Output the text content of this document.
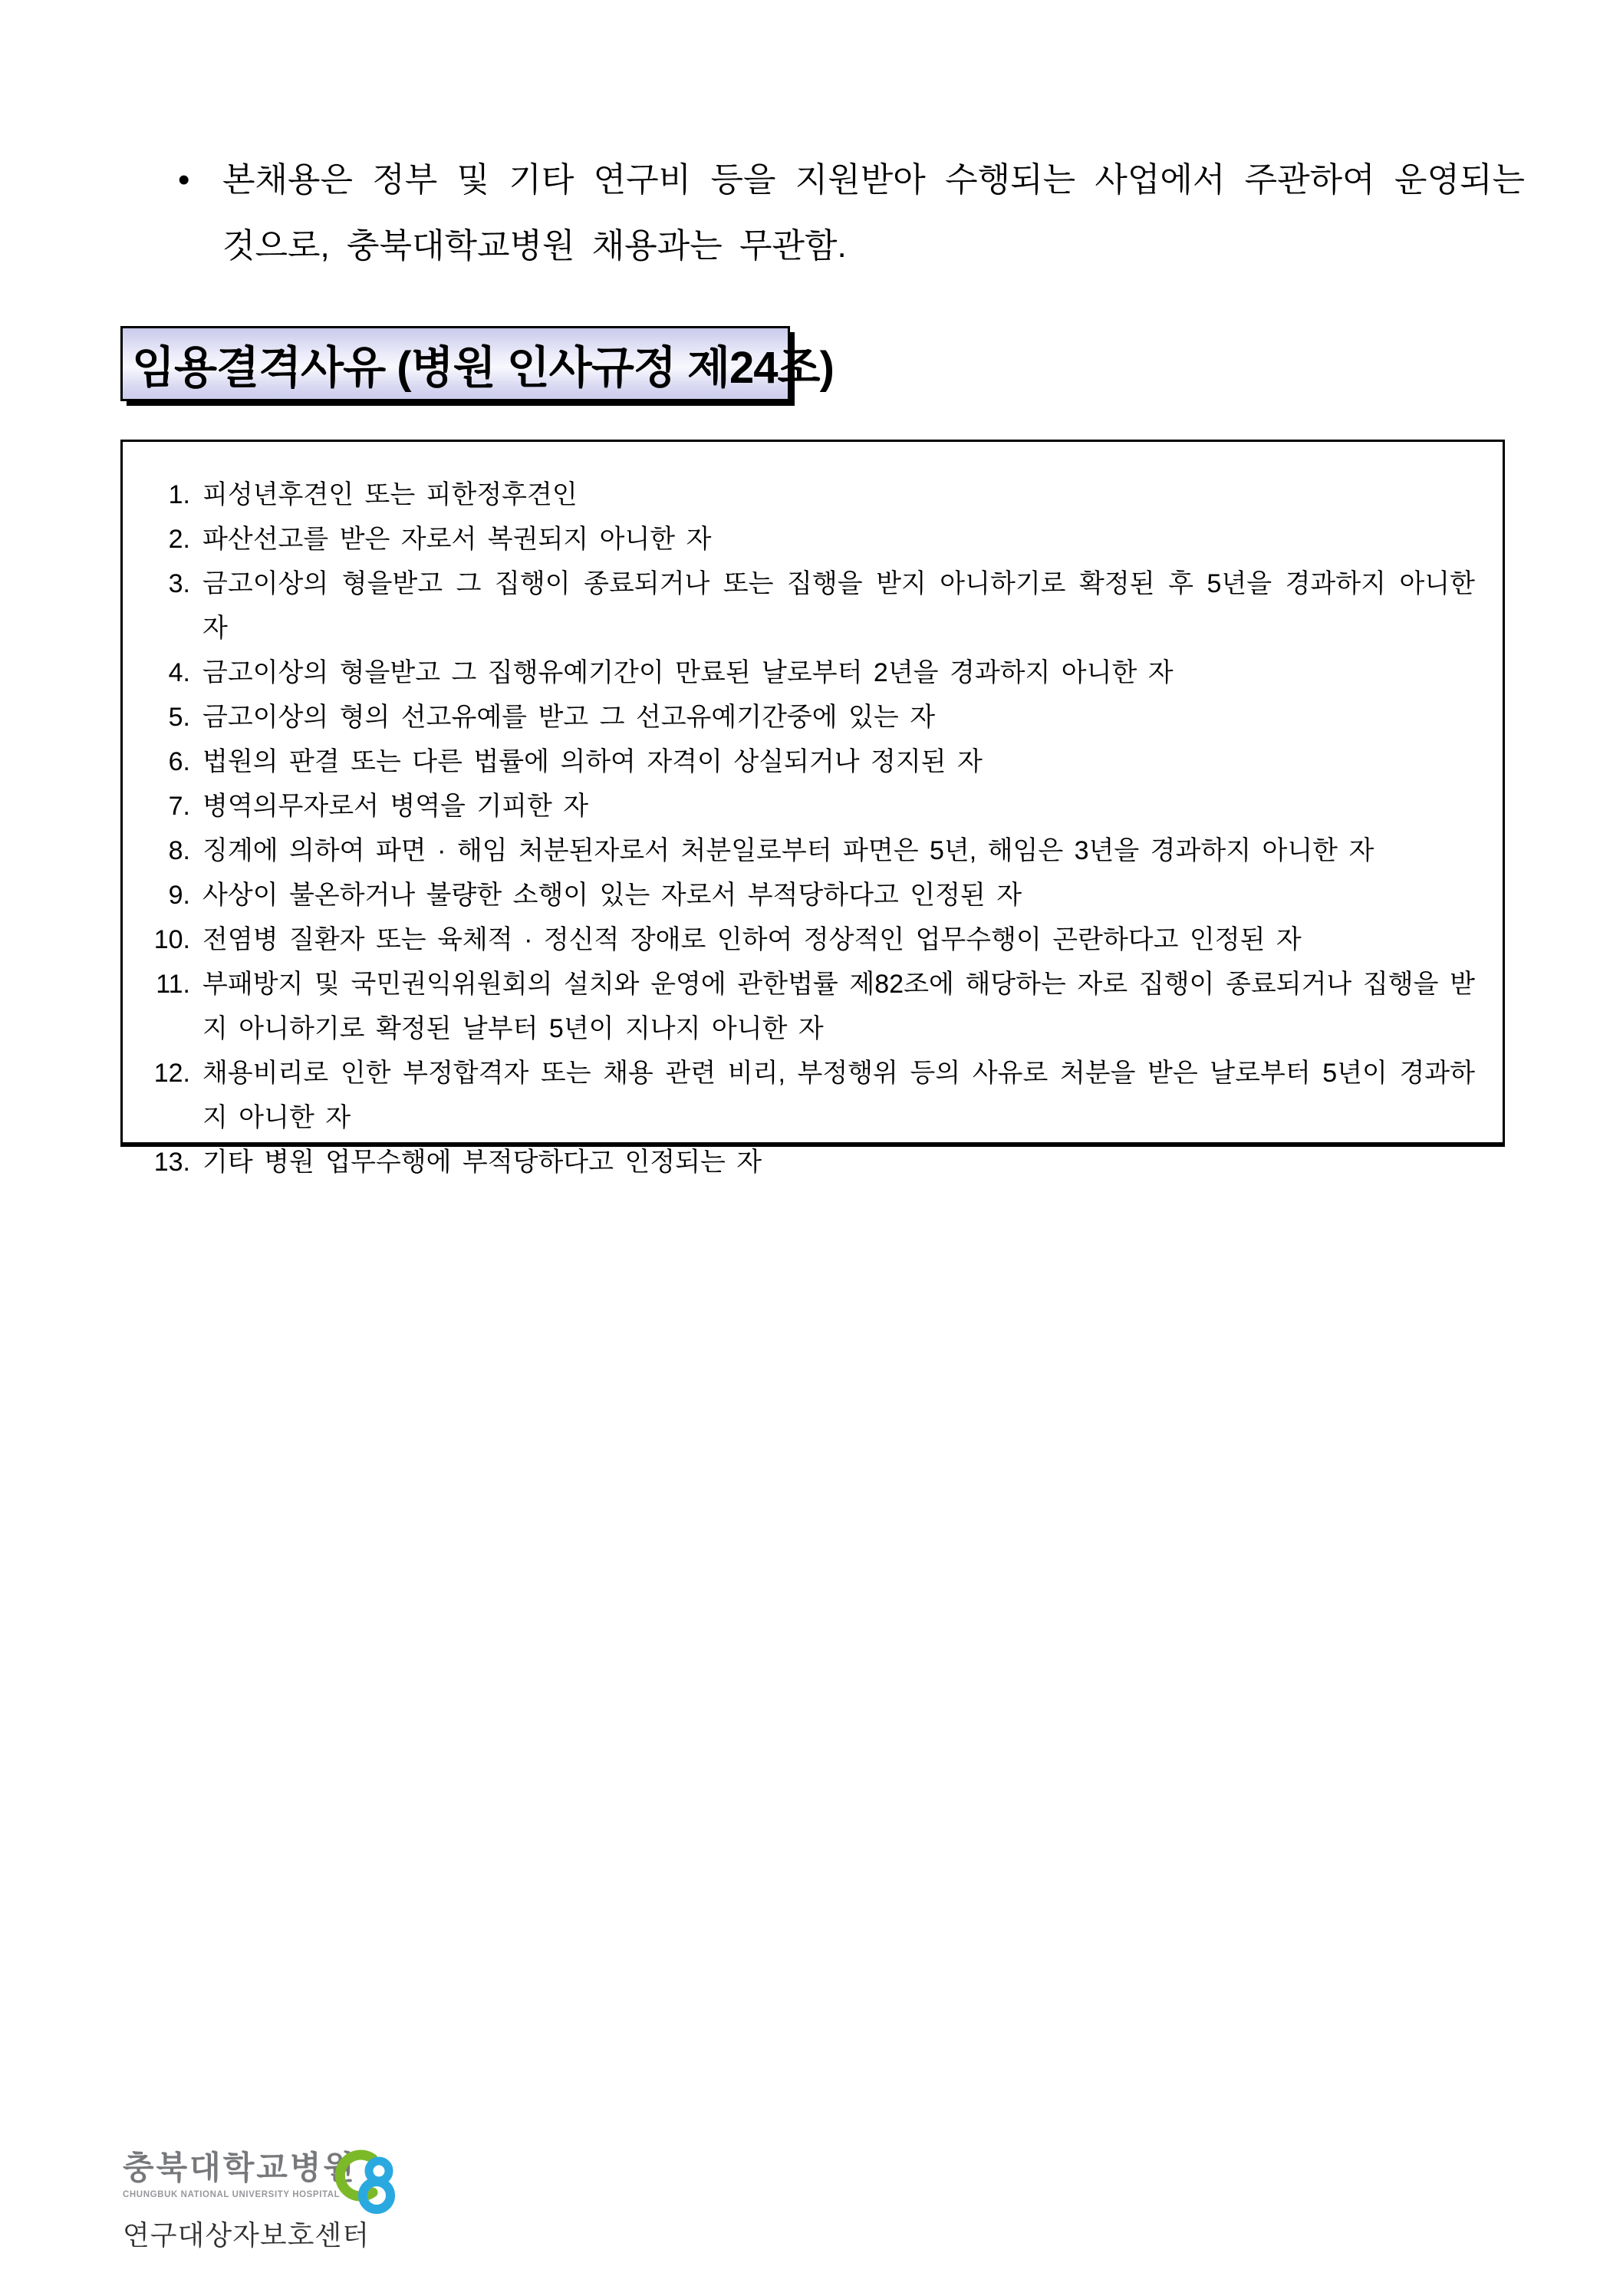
• 본채용은 정부 및 기타 연구비 등을 지원받아 수행되는 사업에서 주관하여 운영되는 것으로, 충북대학교병원 채용과는 무관함.
임용결격사유 (병원 인사규정 제24조)
1. 피성년후견인 또는 피한정후견인
2. 파산선고를 받은 자로서 복권되지 아니한 자
3. 금고이상의 형을받고 그 집행이 종료되거나 또는 집행을 받지 아니하기로 확정된 후 5년을 경과하지 아니한 자
4. 금고이상의 형을받고 그 집행유예기간이 만료된 날로부터 2년을 경과하지 아니한 자
5. 금고이상의 형의 선고유예를 받고 그 선고유예기간중에 있는 자
6. 법원의 판결 또는 다른 법률에 의하여 자격이 상실되거나 정지된 자
7. 병역의무자로서 병역을 기피한 자
8. 징계에 의하여 파면 · 해임 처분된자로서 처분일로부터 파면은 5년, 해임은 3년을 경과하지 아니한 자
9. 사상이 불온하거나 불량한 소행이 있는 자로서 부적당하다고 인정된 자
10. 전염병 질환자 또는 육체적 · 정신적 장애로 인하여 정상적인 업무수행이 곤란하다고 인정된 자
11. 부패방지 및 국민권익위원회의 설치와 운영에 관한법률 제82조에 해당하는 자로 집행이 종료되거나 집행을 받지 아니하기로 확정된 날부터 5년이 지나지 아니한 자
12. 채용비리로 인한 부정합격자 또는 채용 관련 비리, 부정행위 등의 사유로 처분을 받은 날로부터 5년이 경과하지 아니한 자
13. 기타 병원 업무수행에 부적당하다고 인정되는 자
충북대학교병원
CHUNGBUK NATIONAL UNIVERSITY HOSPITAL
연구대상자보호센터
